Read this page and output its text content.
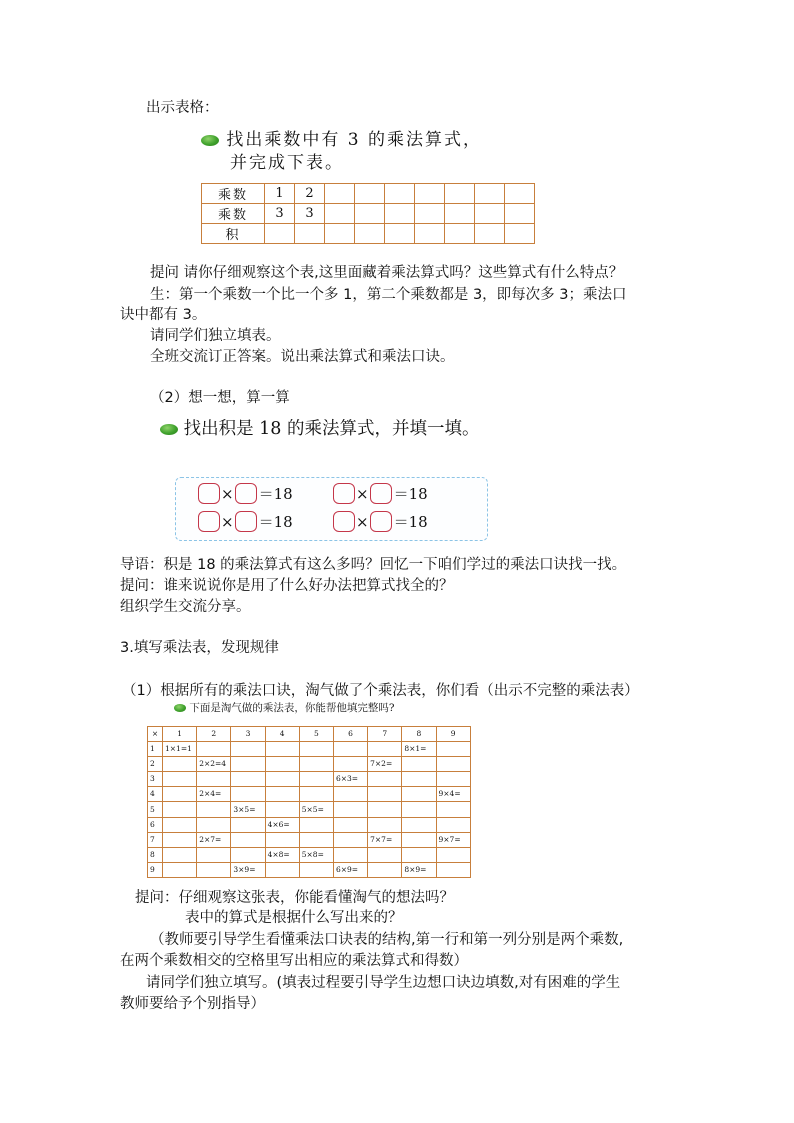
出示表格：
找出乘数中有 3 的乘法算式，
并完成下表。
乘数	1	2							
乘数	3	3							
积									
提问 请你仔细观察这个表,这里面藏着乘法算式吗？这些算式有什么特点？
生：第一个乘数一个比一个多 1，第二个乘数都是 3，即每次多 3；乘法口
诀中都有 3。
请同学们独立填表。
全班交流订正答案。说出乘法算式和乘法口诀。
（2）想一想，算一算
找出积是 18 的乘法算式，并填一填。
× ＝18	× ＝18
× ＝18	× ＝18
导语：积是 18 的乘法算式有这么多吗？回忆一下咱们学过的乘法口诀找一找。
提问：谁来说说你是用了什么好办法把算式找全的？
组织学生交流分享。
3.填写乘法表，发现规律
（1）根据所有的乘法口诀，淘气做了个乘法表，你们看（出示不完整的乘法表）
下面是淘气做的乘法表，你能帮他填完整吗?
×	1	2	3	4	5	6	7	8	9
1	1×1=1							8×1=	
2		2×2=4					7×2=		
3						6×3=			
4		2×4=							9×4=
5			3×5=		5×5=				
6				4×6=					
7		2×7=					7×7=		9×7=
8				4×8=	5×8=				
9			3×9=			6×9=		8×9=	
提问：仔细观察这张表，你能看懂淘气的想法吗？
表中的算式是根据什么写出来的？
（教师要引导学生看懂乘法口诀表的结构,第一行和第一列分别是两个乘数,
在两个乘数相交的空格里写出相应的乘法算式和得数）
请同学们独立填写。(填表过程要引导学生边想口诀边填数,对有困难的学生
教师要给予个别指导）
